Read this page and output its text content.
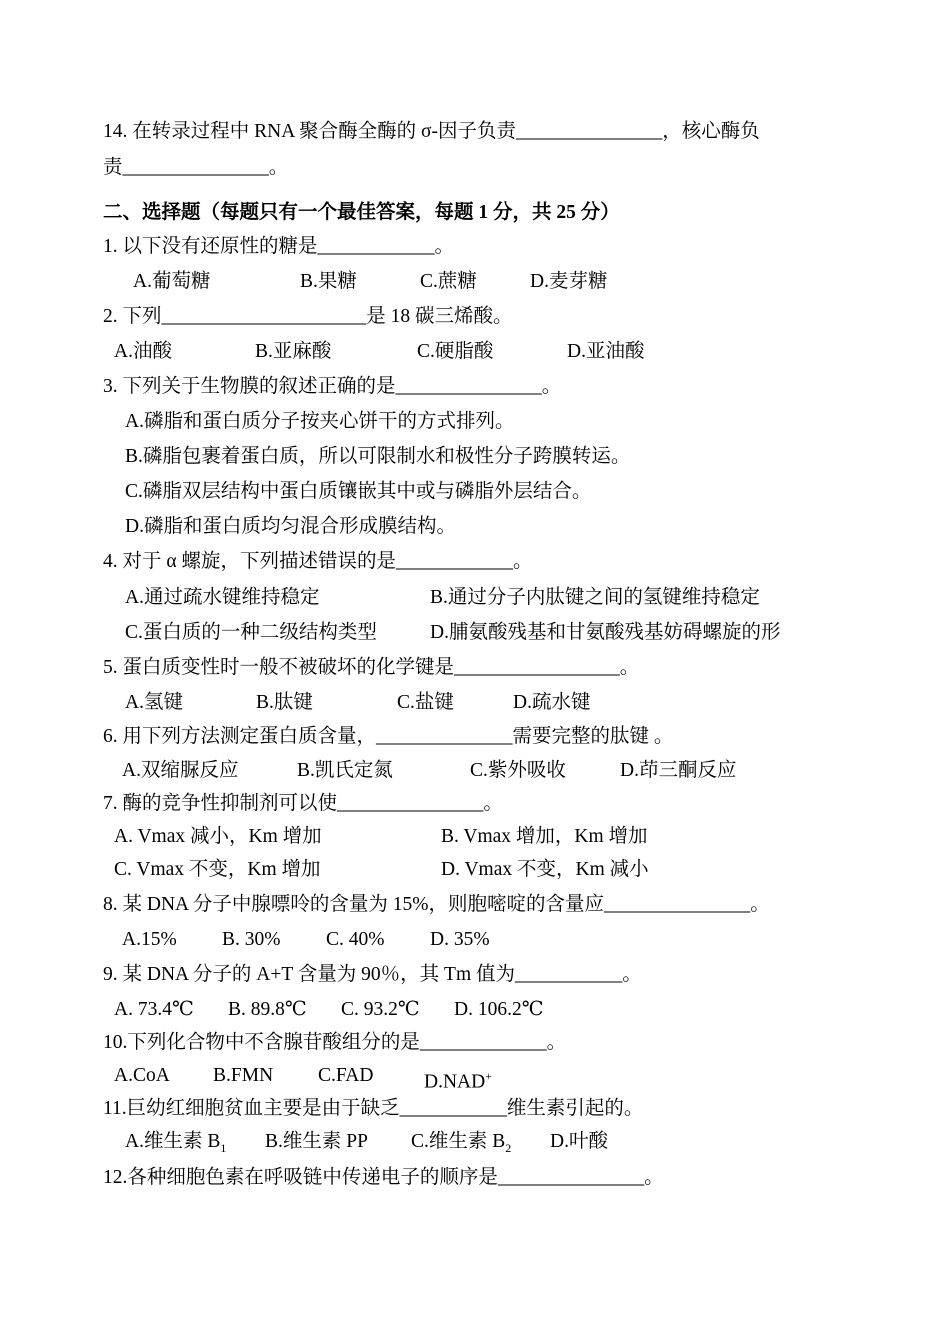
14. 在转录过程中 RNA 聚合酶全酶的 σ-因子负责_______________，核心酶负
责_______________。
二、选择题（每题只有一个最佳答案，每题 1 分，共 25 分）
1. 以下没有还原性的糖是____________。
A.葡萄糖	B.果糖	C.蔗糖	D.麦芽糖
2. 下列_____________________是 18 碳三烯酸。
A.油酸	B.亚麻酸	C.硬脂酸	D.亚油酸
3. 下列关于生物膜的叙述正确的是_______________。
A.磷脂和蛋白质分子按夹心饼干的方式排列。
B.磷脂包裹着蛋白质，所以可限制水和极性分子跨膜转运。
C.磷脂双层结构中蛋白质镶嵌其中或与磷脂外层结合。
D.磷脂和蛋白质均匀混合形成膜结构。
4. 对于 α 螺旋，下列描述错误的是____________。
A.通过疏水键维持稳定	B.通过分子内肽键之间的氢键维持稳定
C.蛋白质的一种二级结构类型	D.脯氨酸残基和甘氨酸残基妨碍螺旋的形
5. 蛋白质变性时一般不被破坏的化学键是_________________。
A.氢键	B.肽键	C.盐键	D.疏水键
6. 用下列方法测定蛋白质含量，______________需要完整的肽键 。
A.双缩脲反应	B.凯氏定氮	C.紫外吸收	D.茚三酮反应
7. 酶的竞争性抑制剂可以使_______________。
A. Vmax 减小，Km 增加	B. Vmax 增加，Km 增加
C. Vmax 不变，Km 增加	D. Vmax 不变，Km 减小
8. 某 DNA 分子中腺嘌呤的含量为 15%，则胞嘧啶的含量应_______________。
A.15% B. 30% C. 40% D. 35%
9. 某 DNA 分子的 A+T 含量为 90％，其 Tm 值为___________。
A. 73.4℃ B. 89.8℃ C. 93.2℃ D. 106.2℃
10.下列化合物中不含腺苷酸组分的是_____________。
A.CoA B.FMN C.FAD	D.NAD+
11.巨幼红细胞贫血主要是由于缺乏___________维生素引起的。
A.维生素 $B_1$ B.维生素 PP C.维生素 $B_2$ D.叶酸
12.各种细胞色素在呼吸链中传递电子的顺序是_______________。
